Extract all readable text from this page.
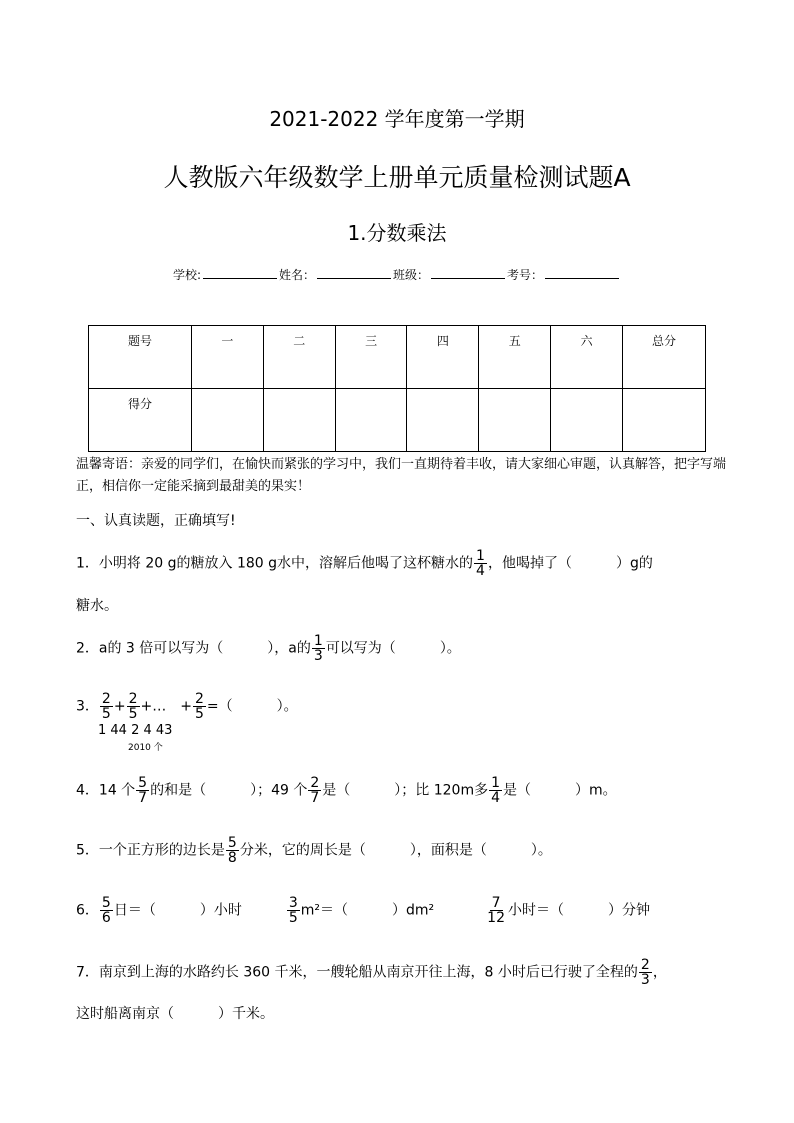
2021-2022 学年度第一学期
人教版六年级数学上册单元质量检测试题A
1.分数乘法
学校:	姓名：	班级：	考号：
题号	一	二	三	四	五	六	总分
得分							
温馨寄语：亲爱的同学们，在愉快而紧张的学习中，我们一直期待着丰收，请大家细心审题，认真解答，把字写端正，相信你一定能采摘到最甜美的果实！
一、认真读题，正确填写!
1．小明将 20 g的糖放入 180 g水中，溶解后他喝了这杯糖水的 $\frac{1}{4}$ ，他喝掉了（	）g的
糖水。
2．a的 3 倍可以写为（	），a的 $\frac{1}{3}$ 可以写为（	）。
3． $\frac{2}{5} + \frac{2}{5}$ +… + $\frac{2}{5}$ =（	）。
1 44 2 4 43
2010 个
4．14 个 $\frac{5}{7}$ 的和是（	）；49 个 $\frac{2}{7}$ 是（	）；比 120m多 $\frac{1}{4}$ 是（	）m。
5．一个正方形的边长是 $\frac{5}{8}$ 分米，它的周长是（	），面积是（	）。
6． $\frac{5}{6}$ 日＝（	）小时	$\frac{3}{5} m^2=$（	）dm²	$\frac{7}{12}$ 小时＝（	）分钟
7．南京到上海的水路约长 360 千米，一艘轮船从南京开往上海，8 小时后已行驶了全程的 $\frac{2}{3}$ ，
这时船离南京（	）千米。
